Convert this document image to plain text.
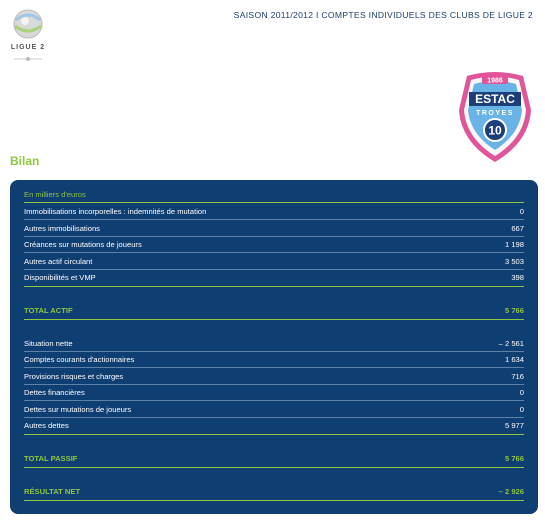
LIGUE 2
SAISON 2011/2012 I COMPTES INDIVIDUELS DES CLUBS DE LIGUE 2
1986
ESTAC
TROYES
10
Bilan
En milliers d'euros
Immobilisations incorporelles : indemnités de mutation	0
Autres immobilisations	667
Créances sur mutations de joueurs	1 198
Autres actif circulant	3 503
Disponibilités et VMP	398
TOTAL ACTIF	5 766
Situation nette	– 2 561
Comptes courants d'actionnaires	1 634
Provisions risques et charges	716
Dettes financières	0
Dettes sur mutations de joueurs	0
Autres dettes	5 977
TOTAL PASSIF	5 766
RÉSULTAT NET	– 2 926
